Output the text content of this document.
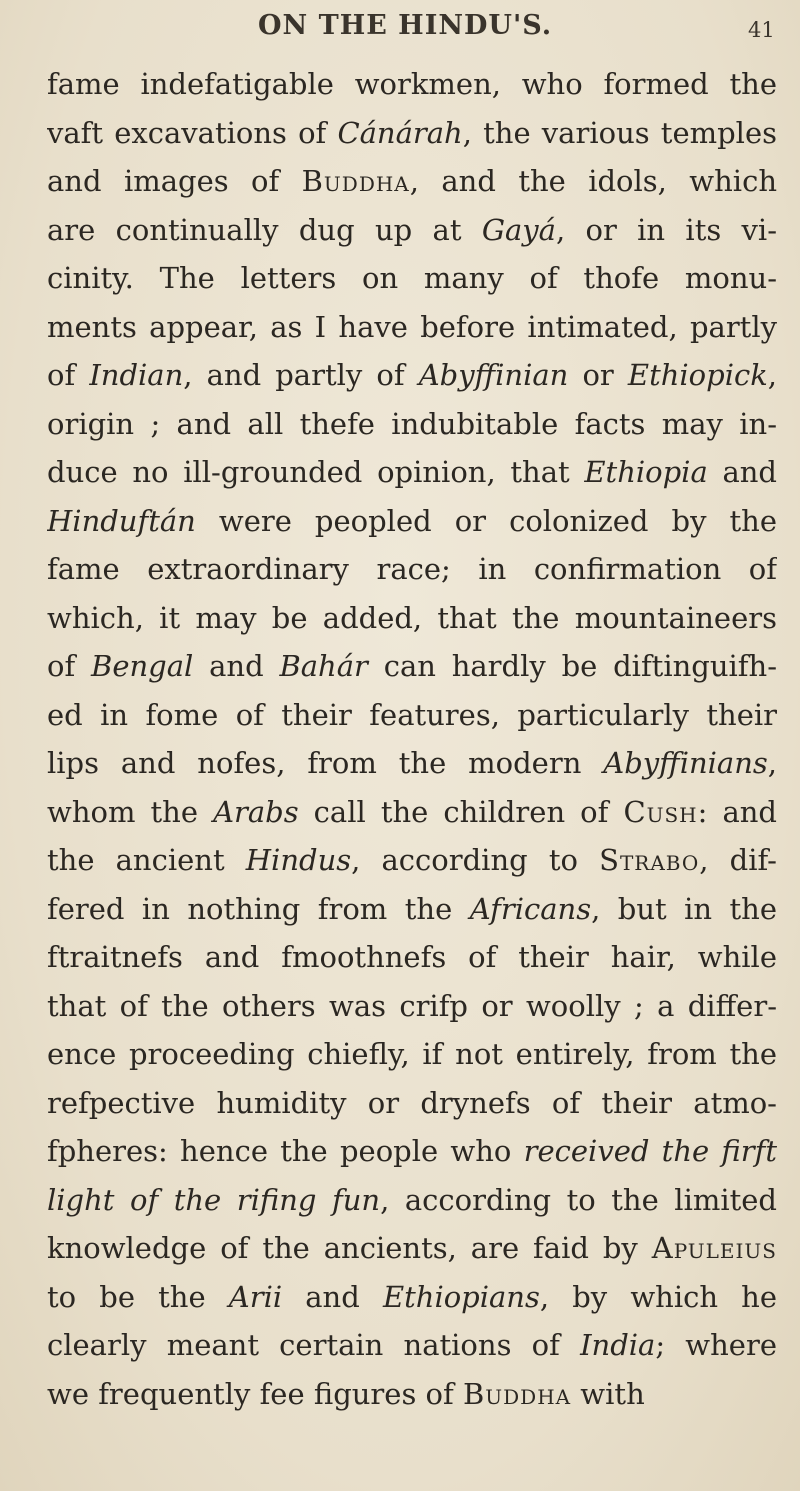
ON THE HINDU'S.	41
fame indefatigable workmen, who formed the
vaft excavations of Cánárah, the various temples
and images of Buddha, and the idols, which
are continually dug up at Gayá, or in its vi-
cinity. The letters on many of thofe monu-
ments appear, as I have before intimated, partly
of Indian, and partly of Abyffinian or Ethiopick,
origin ; and all thefe indubitable facts may in-
duce no ill-grounded opinion, that Ethiopia and
Hinduftán were peopled or colonized by the
fame extraordinary race; in confirmation of
which, it may be added, that the mountaineers
of Bengal and Bahár can hardly be diftinguifh-
ed in fome of their features, particularly their
lips and nofes, from the modern Abyffinians,
whom the Arabs call the children of Cush: and
the ancient Hindus, according to Strabo, dif-
fered in nothing from the Africans, but in the
ftraitnefs and fmoothnefs of their hair, while
that of the others was crifp or woolly ; a differ-
ence proceeding chiefly, if not entirely, from the
refpective humidity or drynefs of their atmo-
fpheres: hence the people who received the firft
light of the rifing fun, according to the limited
knowledge of the ancients, are faid by Apuleius
to be the Arii and Ethiopians, by which he
clearly meant certain nations of India; where
we frequently fee figures of Buddha with
